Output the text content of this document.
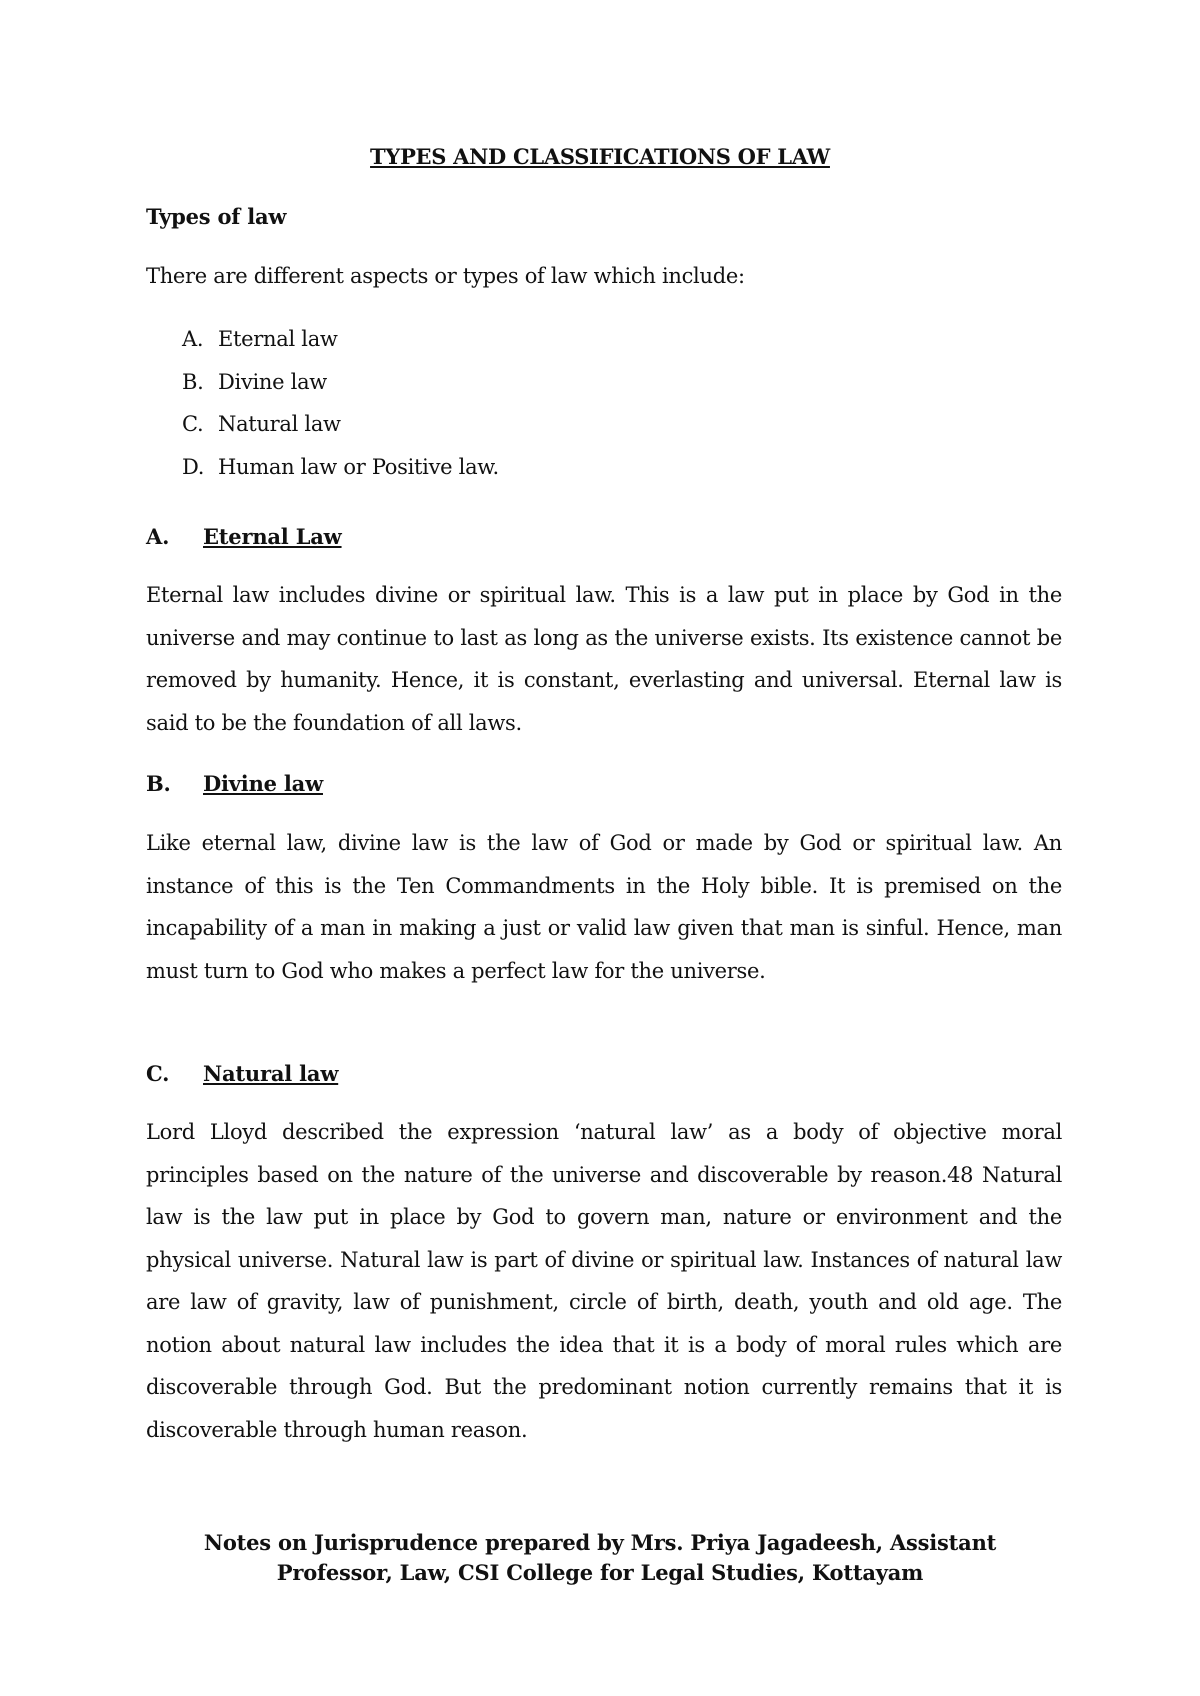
TYPES AND CLASSIFICATIONS OF LAW
Types of law
There are different aspects or types of law which include:
A. Eternal law
B. Divine law
C. Natural law
D. Human law or Positive law.
A. Eternal Law

Eternal law includes divine or spiritual law. This is a law put in place by God in the universe and may continue to last as long as the universe exists. Its existence cannot be removed by humanity. Hence, it is constant, everlasting and universal. Eternal law is said to be the foundation of all laws.

B. Divine law

Like eternal law, divine law is the law of God or made by God or spiritual law. An instance of this is the Ten Commandments in the Holy bible. It is premised on the incapability of a man in making a just or valid law given that man is sinful. Hence, man must turn to God who makes a perfect law for the universe.

C. Natural law

Lord Lloyd described the expression ‘natural law’ as a body of objective moral principles based on the nature of the universe and discoverable by reason.48 Natural law is the law put in place by God to govern man, nature or environment and the physical universe. Natural law is part of divine or spiritual law. Instances of natural law are law of gravity, law of punishment, circle of birth, death, youth and old age. The notion about natural law includes the idea that it is a body of moral rules which are discoverable through God. But the predominant notion currently remains that it is discoverable through human reason.

Notes on Jurisprudence prepared by Mrs. Priya Jagadeesh, Assistant
Professor, Law, CSI College for Legal Studies, Kottayam
